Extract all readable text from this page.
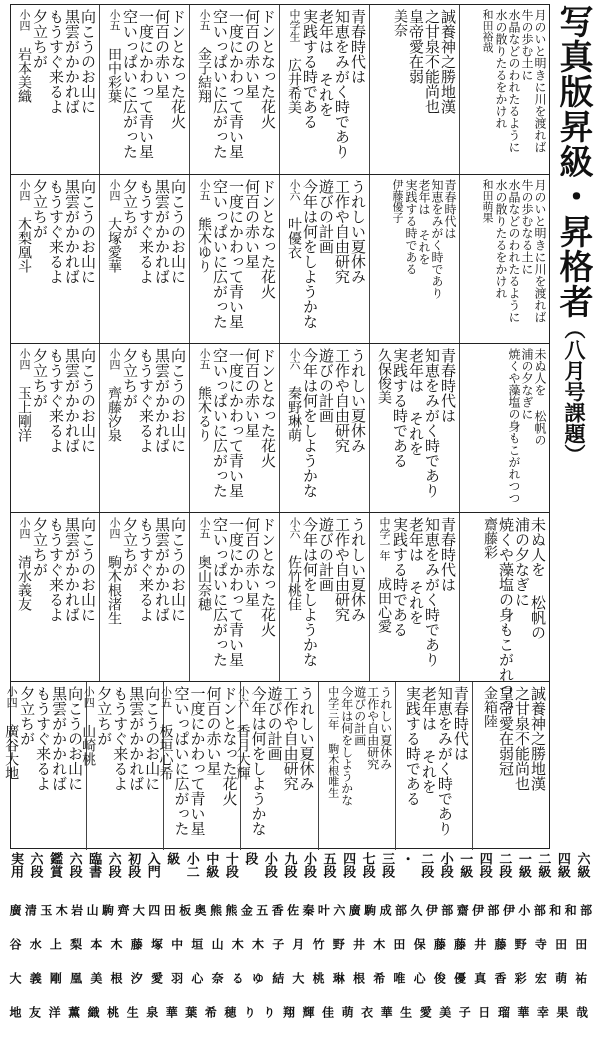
写真版昇級・昇格者
（八月号課題）
月のいと明きに川を渡れば
牛の歩む土に
水晶などのわれたるように
水の散りたるをかけれ
和田裕哉
誠養神之勝地漢
之甘泉不能尚也
皇帝愛在弱
美奈
青春時代は
知恵をみがく時であり
老年は それを
実践する時である
中学生 広井希美
ドンとなった花火
何百の赤い星
一度にかわって青い星
空いっぱいに広がった
小五 金子結翔
ドンとなった花火
何百の赤い星
一度にかわって青い星
空いっぱいに広がった
小五 田中彩葉
向こうのお山に
黒雲がかかれば
もうすぐ来るよ
夕立ちが
小四 岩本美織
月のいと明きに川を渡れば
牛の歩むなる土に
水晶などのわれたるように
水の散りたるをかけれ
和田萌果
青春時代は
知恵をみがく時であり
老年は それを
実践する時である
伊藤優子
うれしい夏休み
工作や自由研究
遊びの計画
今年は何をしようかな
小六 叶優衣
ドンとなった花火
何百の赤い星
一度にかわって青い星
空いっぱいに広がった
小五 熊木ゆり
向こうのお山に
黒雲がかかれば
もうすぐ来るよ
夕立ちが
小四 大塚愛華
向こうのお山に
黒雲がかかれば
もうすぐ来るよ
夕立ちが
小四 木梨凰斗
未ぬ人を 松帆の
浦の夕なぎに
焼くや藻塩の身もこがれつつ
青春時代は
知恵をみがく時であり
老年は それを
実践する時である
久保俊美
うれしい夏休み
工作や自由研究
遊びの計画
今年は何をしようかな
小六 秦野琳萌
ドンとなった花火
何百の赤い星
一度にかわって青い星
空いっぱいに広がった
小五 熊木るり
向こうのお山に
黒雲がかかれば
もうすぐ来るよ
夕立ちが
小四 齊藤汐泉
向こうのお山に
黒雲がかかれば
もうすぐ来るよ
夕立ちが
小四 玉上剛洋
未ぬ人を 松帆の
浦の夕なぎに
焼くや藻塩の身もこがれつつ
齋藤彩
青春時代は
知恵をみがく時であり
老年は それを
実践する時である
中学一年 成田心愛
うれしい夏休み
工作や自由研究
遊びの計画
今年は何をしようかな
小六 佐竹桃佳
ドンとなった花火
何百の赤い星
一度にかわって青い星
空いっぱいに広がった
小五 奥山奈穂
向こうのお山に
黒雲がかかれば
もうすぐ来るよ
夕立ちが
小四 駒木根渚生
向こうのお山に
黒雲がかかれば
もうすぐ来るよ
夕立ちが
小四 清水義友
誠養神之勝地漢
之甘泉不能尚也
皇帝愛在弱冠
金箱陸
青春時代は
知恵をみがく時であり
老年は それを
実践する時である
うれしい夏休み
工作や自由研究
遊びの計画
今年は何をしようかな
中学三年 駒木根唯生
うれしい夏休み
工作や自由研究
遊びの計画
今年は何をしようかな
小六 香月大輝
ドンとなった花火
何百の赤い星
一度にかわって青い星
空いっぱいに広がった
小五 板垣心希
向こうのお山に
黒雲がかかれば
もうすぐ来るよ
夕立ちが
小四 山崎桃
向こうのお山に
黒雲がかかれば
もうすぐ来るよ
夕立ちが
小四 廣谷大地
六級
四級
二級
一級
二段
四段
一級
小段
二段
・
三段
七段
四段
五段
小段
九段
小段
段
十段
中級
小二
級
入門
初段
六段
臨書
六段
鑑賞
六段
実用
廣 清 玉 木 岩 山 駒 齊 大 四 田 板 奥 熊 熊 金 五 香 佐 秦 叶 六 廣 駒 成 部 久 伊 部 齋 伊 部 伊 小 部 和 和 部
谷 水 上 梨 本 木 藤 塚 中 垣 山 木 木 子 月 竹 野 井 木 田 保 藤 藤 井 藤 野 寺 田 田
大 義 剛 凰 美 根 汐 愛 羽 心 奈 る ゆ 結 大 桃 琳 根 希 唯 心 俊 優 真 香 彩 宏 萌 祐
地 友 洋 薫 織 桃 生 泉 華 葉 希 穂 り り 翔 輝 佳 萌 衣 華 生 愛 美 子 日 瑠 華 幸 果 哉
